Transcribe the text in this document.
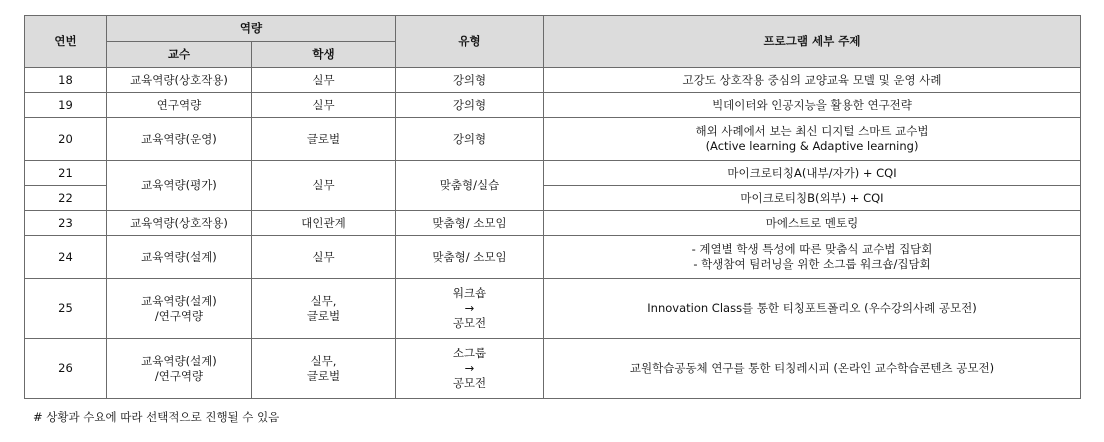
연번	역량		유형	프로그램 세부 주제
	교수	학생		
18	교육역량(상호작용)	실무	강의형	고강도 상호작용 중심의 교양교육 모델 및 운영 사례
19	연구역량	실무	강의형	빅데이터와 인공지능을 활용한 연구전략
20	교육역량(운영)	글로벌	강의형	해외 사례에서 보는 최신 디지털 스마트 교수법
(Active learning & Adaptive learning)

21	교육역량(평가)	실무	맞춤형/실습	마이크로티칭A(내부/자가) + CQI
22				마이크로티칭B(외부) + CQI
23	교육역량(상호작용)	대인관계	맞춤형/ 소모임	마에스트로 멘토링
24	교육역량(설계)	실무	맞춤형/ 소모임	- 계열별 학생 특성에 따른 맞춤식 교수법 집담회
- 학생참여 팀러닝을 위한 소그룹 워크숍/집담회

25	교육역량(설계)
/연구역량	실무,
글로벌	워크숍
→
공모전	Innovation Class를 통한 티칭포트폴리오 (우수강의사례 공모전)
26	교육역량(설계)
/연구역량	실무,
글로벌	소그룹
→
공모전	교원학습공동체 연구를 통한 티칭레시피 (온라인 교수학습콘텐츠 공모전)
# 상황과 수요에 따라 선택적으로 진행될 수 있음
